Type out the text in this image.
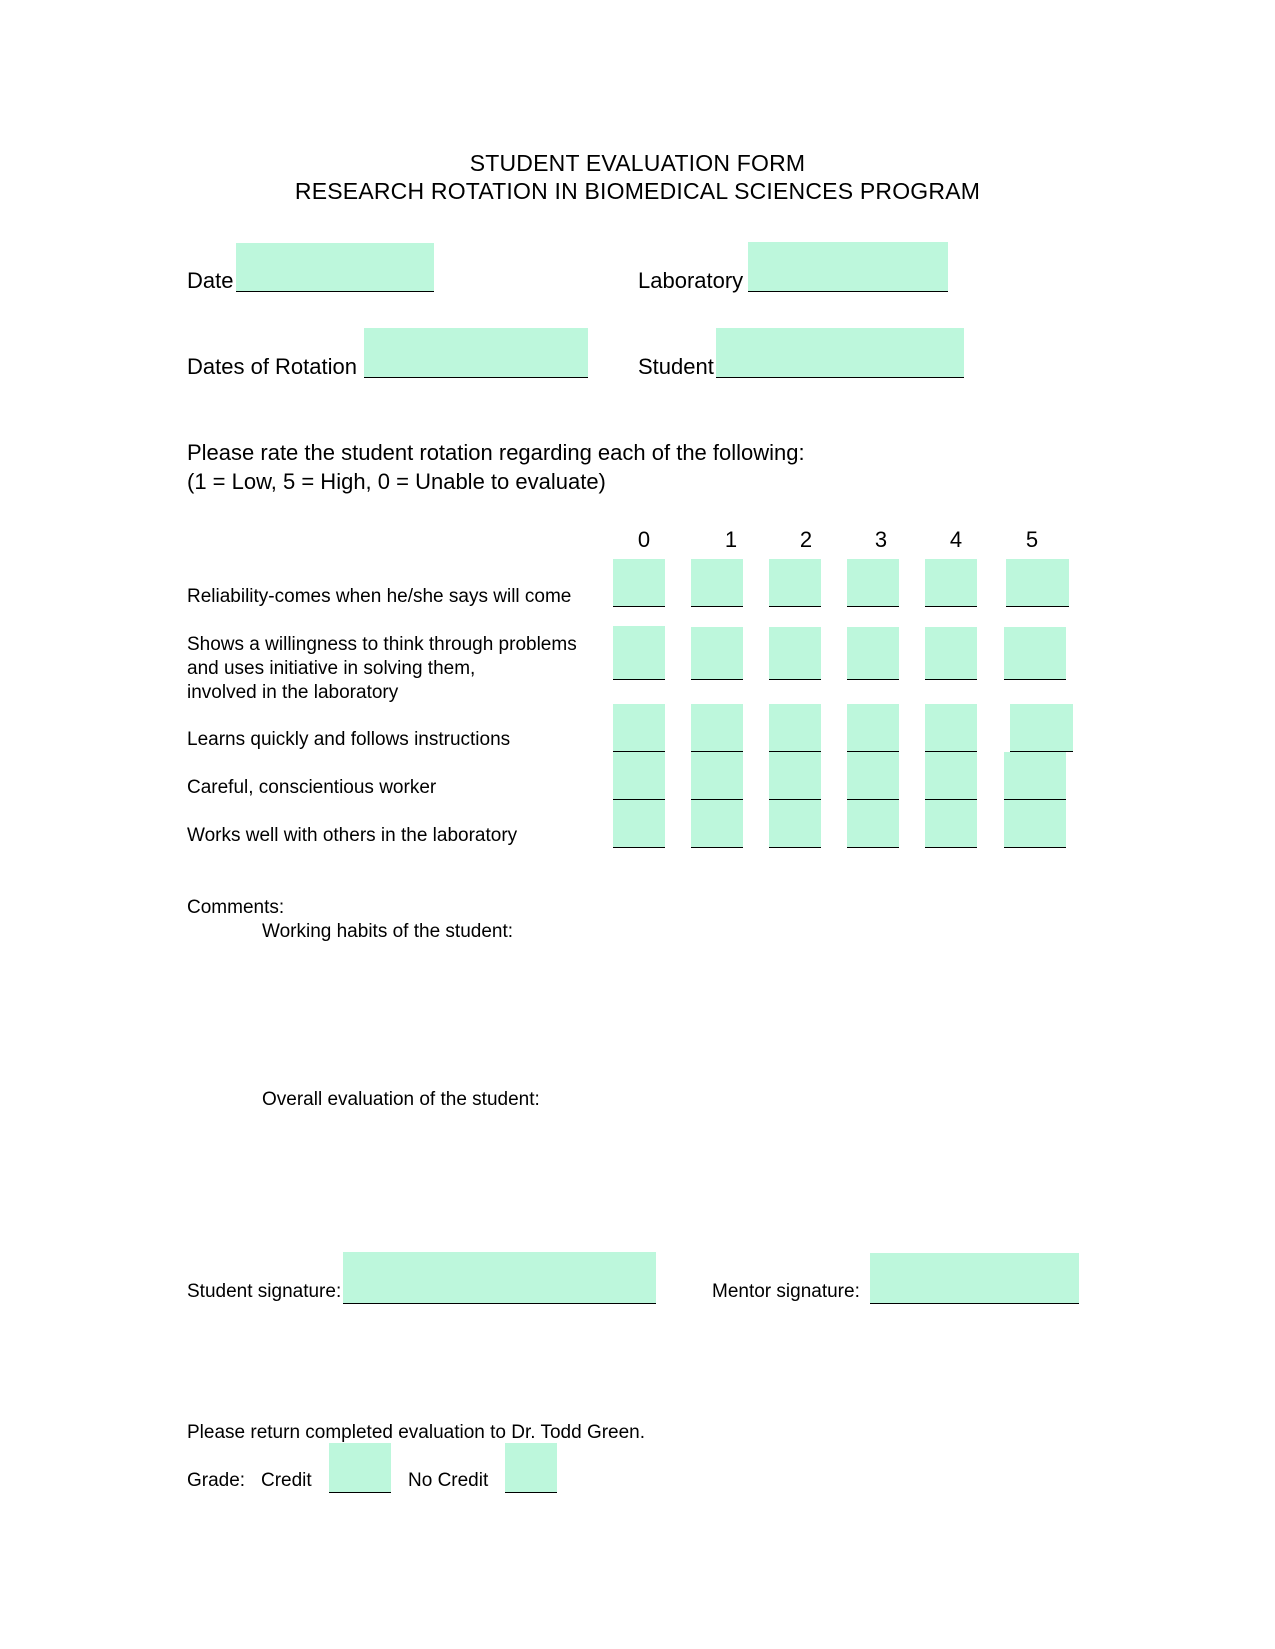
STUDENT EVALUATION FORM
RESEARCH ROTATION IN BIOMEDICAL SCIENCES PROGRAM
Date	Laboratory
Dates of Rotation	Student
Please rate the student rotation regarding each of the following:
(1 = Low, 5 = High, 0 = Unable to evaluate)
0	1	2	3	4	5
Reliability-comes when he/she says will come
Shows a willingness to think through problems
and uses initiative in solving them,
involved in the laboratory
Learns quickly and follows instructions
Careful, conscientious worker
Works well with others in the laboratory
Comments:
Working habits of the student:
Overall evaluation of the student:
Student signature:	Mentor signature:
Please return completed evaluation to Dr. Todd Green.
Grade: Credit	No Credit
